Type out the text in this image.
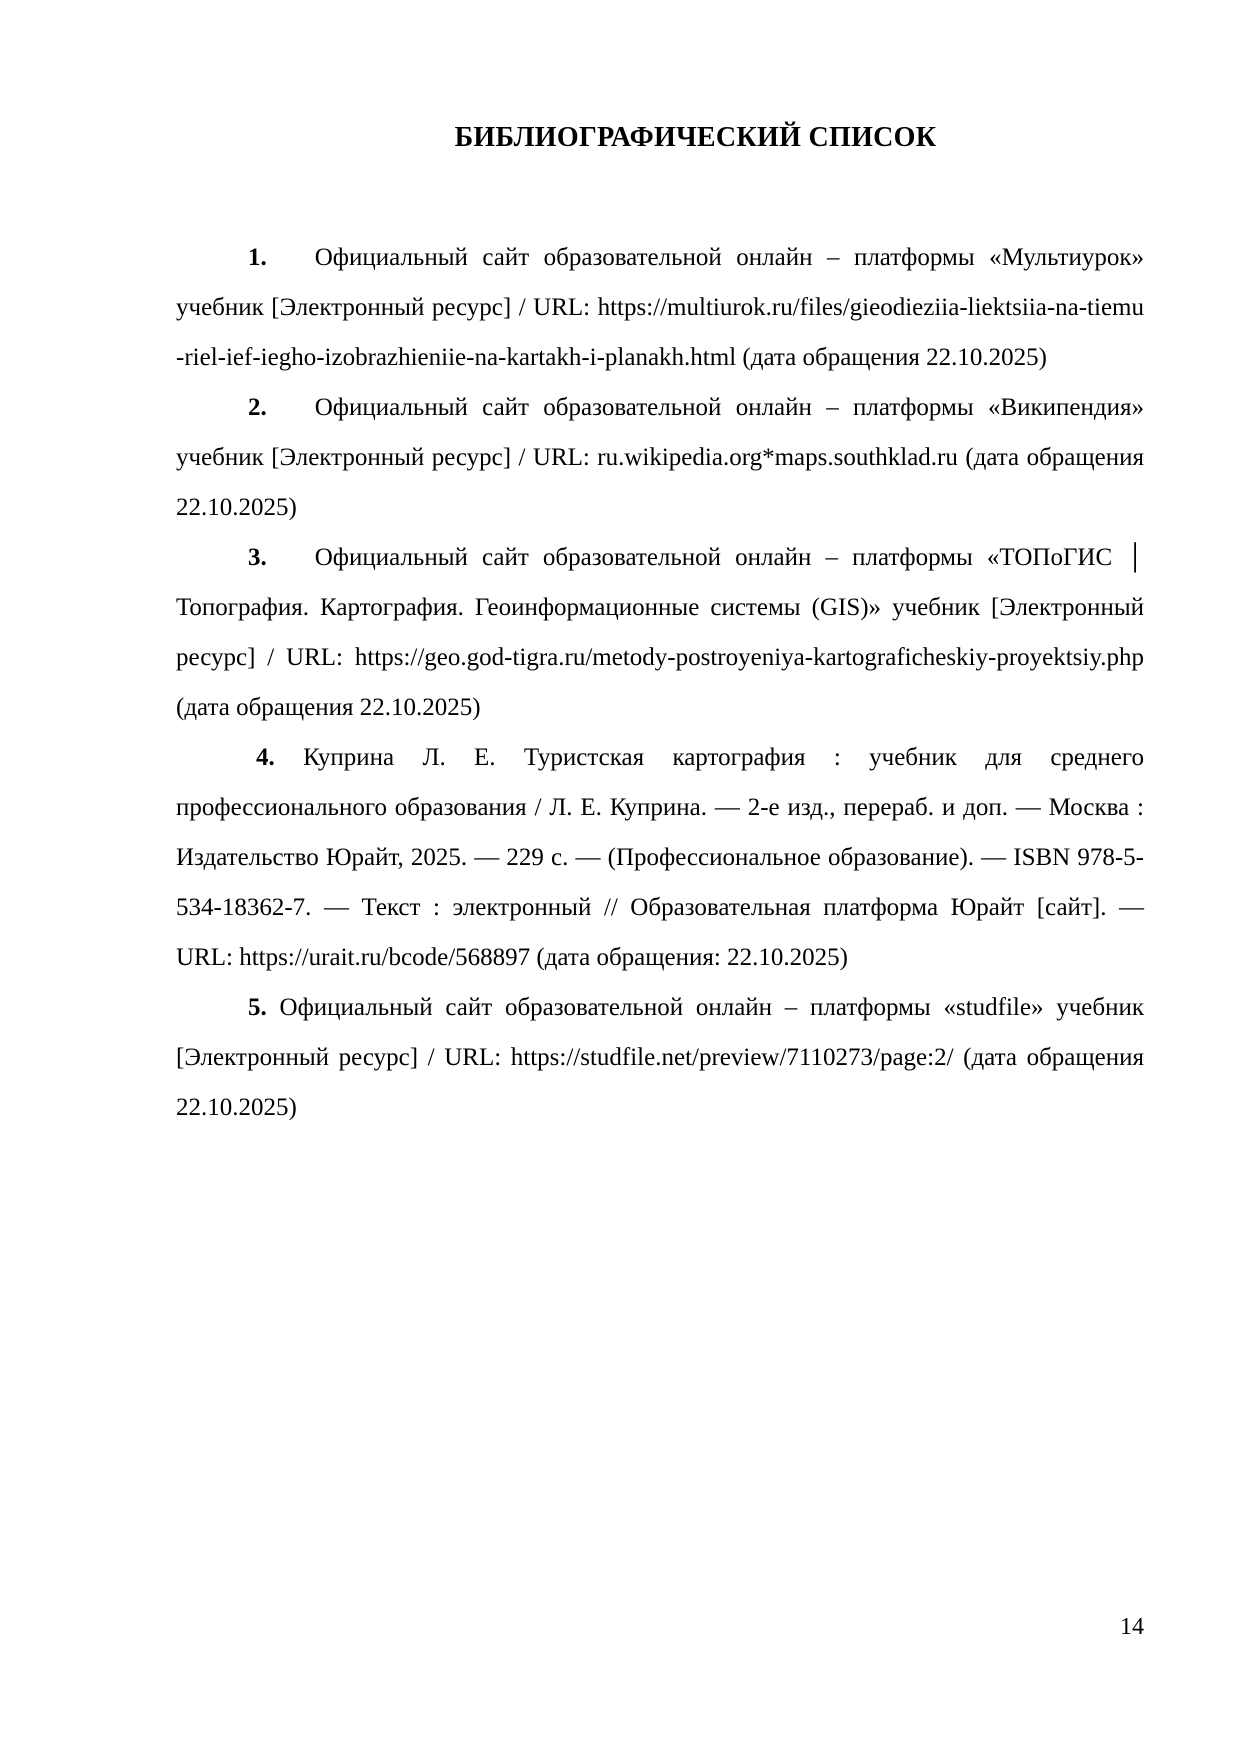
БИБЛИОГРАФИЧЕСКИЙ СПИСОК

1. Официальный сайт образовательной онлайн – платформы «Мультиурок» учебник [Электронный ресурс] / URL: https://multiurok.ru/files/gieodieziia-liektsiia-na-tiemu-riel-ief-iegho-izobrazhieniie-na-kartakh-i-planakh.html (дата обращения 22.10.2025)

2. Официальный сайт образовательной онлайн – платформы «Википендия» учебник [Электронный ресурс] / URL: ru.wikipedia.org*maps.southklad.ru (дата обращения 22.10.2025)

3. Официальный сайт образовательной онлайн – платформы «ТОПоГИС │ Топография. Картография. Геоинформационные системы (GIS)» учебник [Электронный ресурс] / URL: https://geo.god-tigra.ru/metody-postroyeniya-kartograficheskiy-proyektsiy.php (дата обращения 22.10.2025)

4. Куприна Л. Е. Туристская картография : учебник для среднего профессионального образования / Л. Е. Куприна. — 2-е изд., перераб. и доп. — Москва : Издательство Юрайт, 2025. — 229 с. — (Профессиональное образование). — ISBN 978-5-534-18362-7. — Текст : электронный // Образовательная платформа Юрайт [сайт]. — URL: https://urait.ru/bcode/568897 (дата обращения: 22.10.2025)

5. Официальный сайт образовательной онлайн – платформы «studfile» учебник [Электронный ресурс] / URL: https://studfile.net/preview/7110273/page:2/ (дата обращения 22.10.2025)

14
